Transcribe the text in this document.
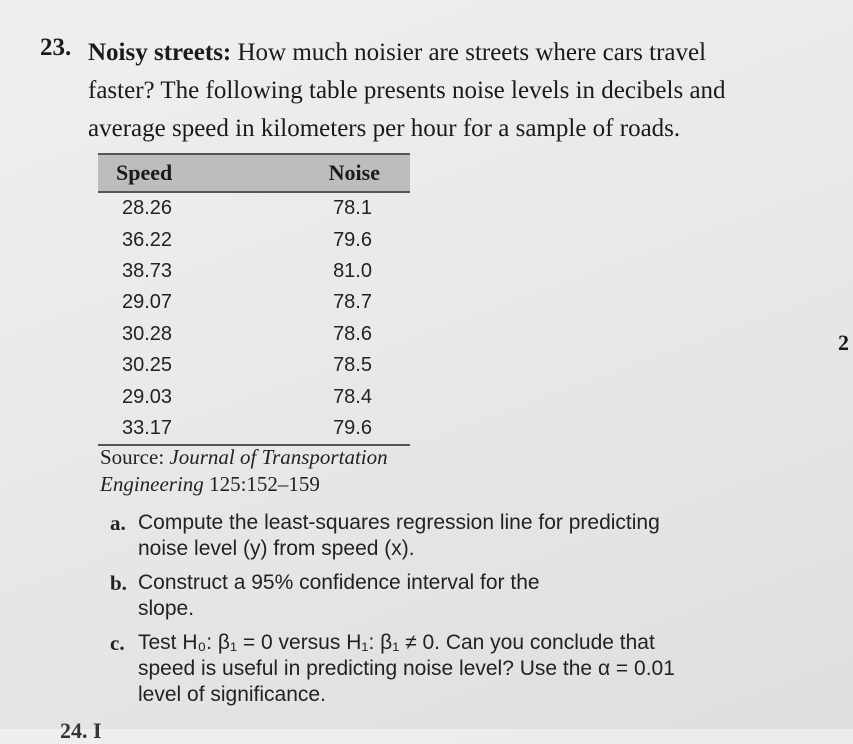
23. Noisy streets: How much noisier are streets where cars travel
faster? The following table presents noise levels in decibels and
average speed in kilometers per hour for a sample of roads.
Speed	Noise
28.26	78.1
36.22	79.6
38.73	81.0
29.07	78.7
30.28	78.6
30.25	78.5
29.03	78.4
33.17	79.6
Source: Journal of Transportation
Engineering 125:152–159
a. Compute the least-squares regression line for predicting
noise level (y) from speed (x).
b. Construct a 95% confidence interval for the
slope.
c. Test H₀: β₁ = 0 versus H₁: β₁ ≠ 0. Can you conclude that
speed is useful in predicting noise level? Use the α = 0.01
level of significance.
2
24. I
